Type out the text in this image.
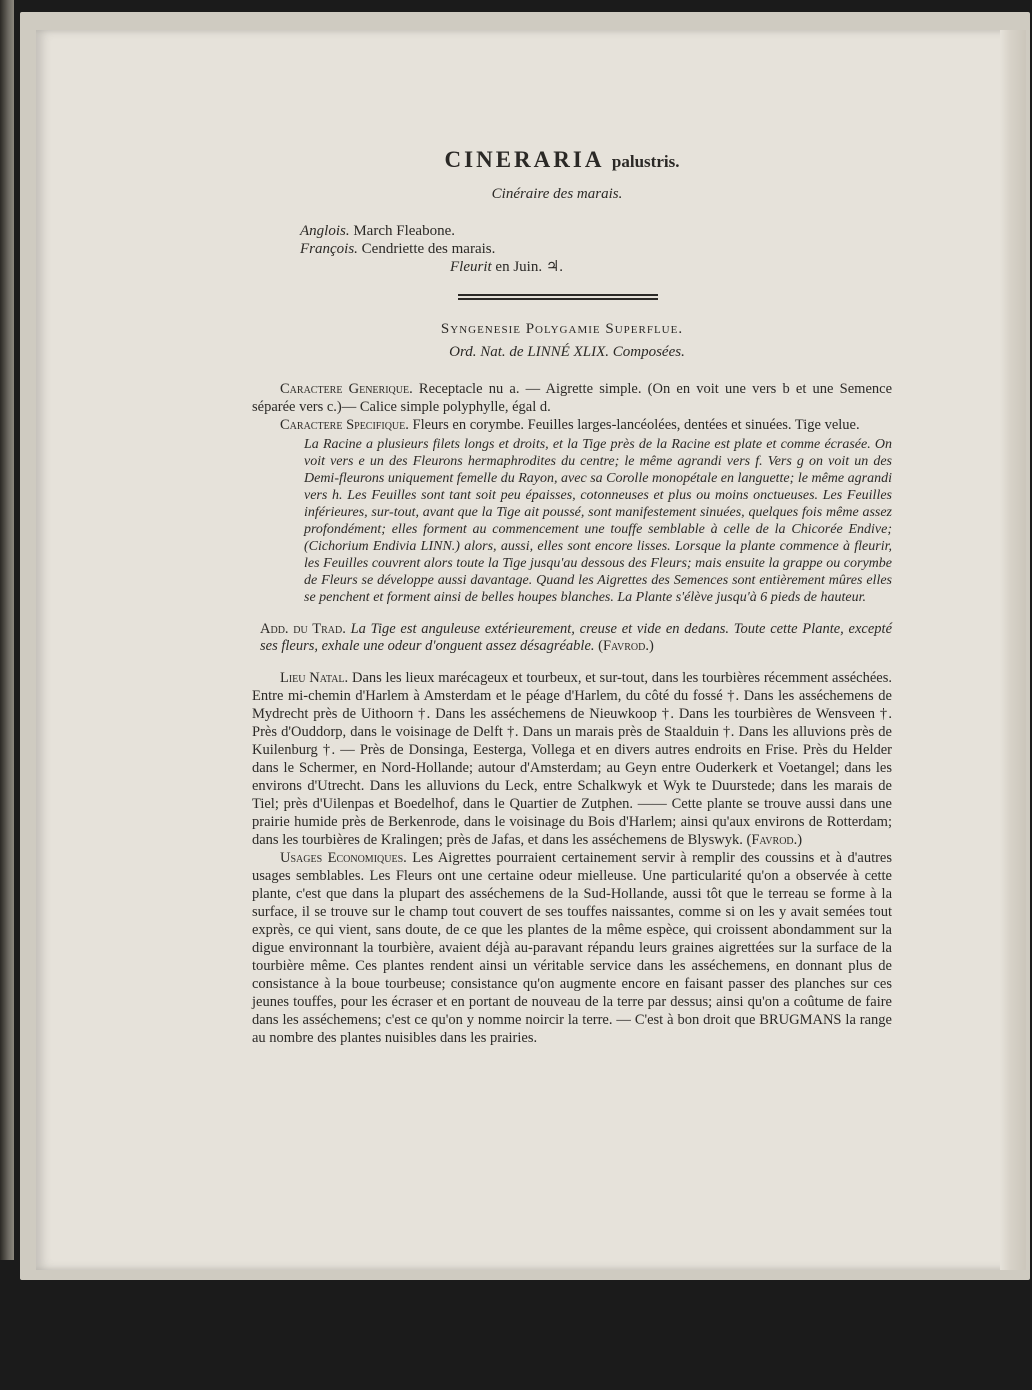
CINERARIA palustris.
Cinéraire des marais.
Anglois. March Fleabone.
François. Cendriette des marais.
Fleurit en Juin. ♃.
Syngenesie Polygamie Superflue.
Ord. Nat. de LINNÉ XLIX. Composées.

Caractere Generique. Receptacle nu a. — Aigrette simple. (On en voit une vers b et une Semence séparée vers c.)— Calice simple polyphylle, égal d.

Caractere Specifique. Fleurs en corymbe. Feuilles larges-lancéolées, dentées et sinuées. Tige velue.

La Racine a plusieurs filets longs et droits, et la Tige près de la Racine est plate et comme écrasée. On voit vers e un des Fleurons hermaphrodites du centre; le même agrandi vers f. Vers g on voit un des Demi-fleurons uniquement femelle du Rayon, avec sa Corolle monopétale en languette; le même agrandi vers h. Les Feuilles sont tant soit peu épaisses, cotonneuses et plus ou moins onctueuses. Les Feuilles inférieures, sur-tout, avant que la Tige ait poussé, sont manifestement sinuées, quelques fois même assez profondément; elles forment au commencement une touffe semblable à celle de la Chicorée Endive; (Cichorium Endivia LINN.) alors, aussi, elles sont encore lisses. Lorsque la plante commence à fleurir, les Feuilles couvrent alors toute la Tige jusqu'au dessous des Fleurs; mais ensuite la grappe ou corymbe de Fleurs se développe aussi davantage. Quand les Aigrettes des Semences sont entièrement mûres elles se penchent et forment ainsi de belles houpes blanches. La Plante s'élève jusqu'à 6 pieds de hauteur.

Add. du Trad. La Tige est anguleuse extérieurement, creuse et vide en dedans. Toute cette Plante, excepté ses fleurs, exhale une odeur d'onguent assez désagréable. (Favrod.)

Lieu Natal. Dans les lieux marécageux et tourbeux, et sur-tout, dans les tourbières récemment asséchées. Entre mi-chemin d'Harlem à Amsterdam et le péage d'Harlem, du côté du fossé †. Dans les asséchemens de Mydrecht près de Uithoorn †. Dans les asséchemens de Nieuwkoop †. Dans les tourbières de Wensveen †. Près d'Ouddorp, dans le voisinage de Delft †. Dans un marais près de Staalduin †. Dans les alluvions près de Kuilenburg †. — Près de Donsinga, Eesterga, Vollega et en divers autres endroits en Frise. Près du Helder dans le Schermer, en Nord-Hollande; autour d'Amsterdam; au Geyn entre Ouderkerk et Voetangel; dans les environs d'Utrecht. Dans les alluvions du Leck, entre Schalkwyk et Wyk te Duurstede; dans les marais de Tiel; près d'Uilenpas et Boedelhof, dans le Quartier de Zutphen. —— Cette plante se trouve aussi dans une prairie humide près de Berkenrode, dans le voisinage du Bois d'Harlem; ainsi qu'aux environs de Rotterdam; dans les tourbières de Kralingen; près de Jafas, et dans les asséchemens de Blyswyk. (Favrod.)

Usages Economiques. Les Aigrettes pourraient certainement servir à remplir des coussins et à d'autres usages semblables. Les Fleurs ont une certaine odeur mielleuse. Une particularité qu'on a observée à cette plante, c'est que dans la plupart des asséchemens de la Sud-Hollande, aussi tôt que le terreau se forme à la surface, il se trouve sur le champ tout couvert de ses touffes naissantes, comme si on les y avait semées tout exprès, ce qui vient, sans doute, de ce que les plantes de la même espèce, qui croissent abondamment sur la digue environnant la tourbière, avaient déjà au-paravant répandu leurs graines aigrettées sur la surface de la tourbière même. Ces plantes rendent ainsi un véritable service dans les asséchemens, en donnant plus de consistance à la boue tourbeuse; consistance qu'on augmente encore en faisant passer des planches sur ces jeunes touffes, pour les écraser et en portant de nouveau de la terre par dessus; ainsi qu'on a coûtume de faire dans les asséchemens; c'est ce qu'on y nomme noircir la terre. — C'est à bon droit que BRUGMANS la range au nombre des plantes nuisibles dans les prairies.
